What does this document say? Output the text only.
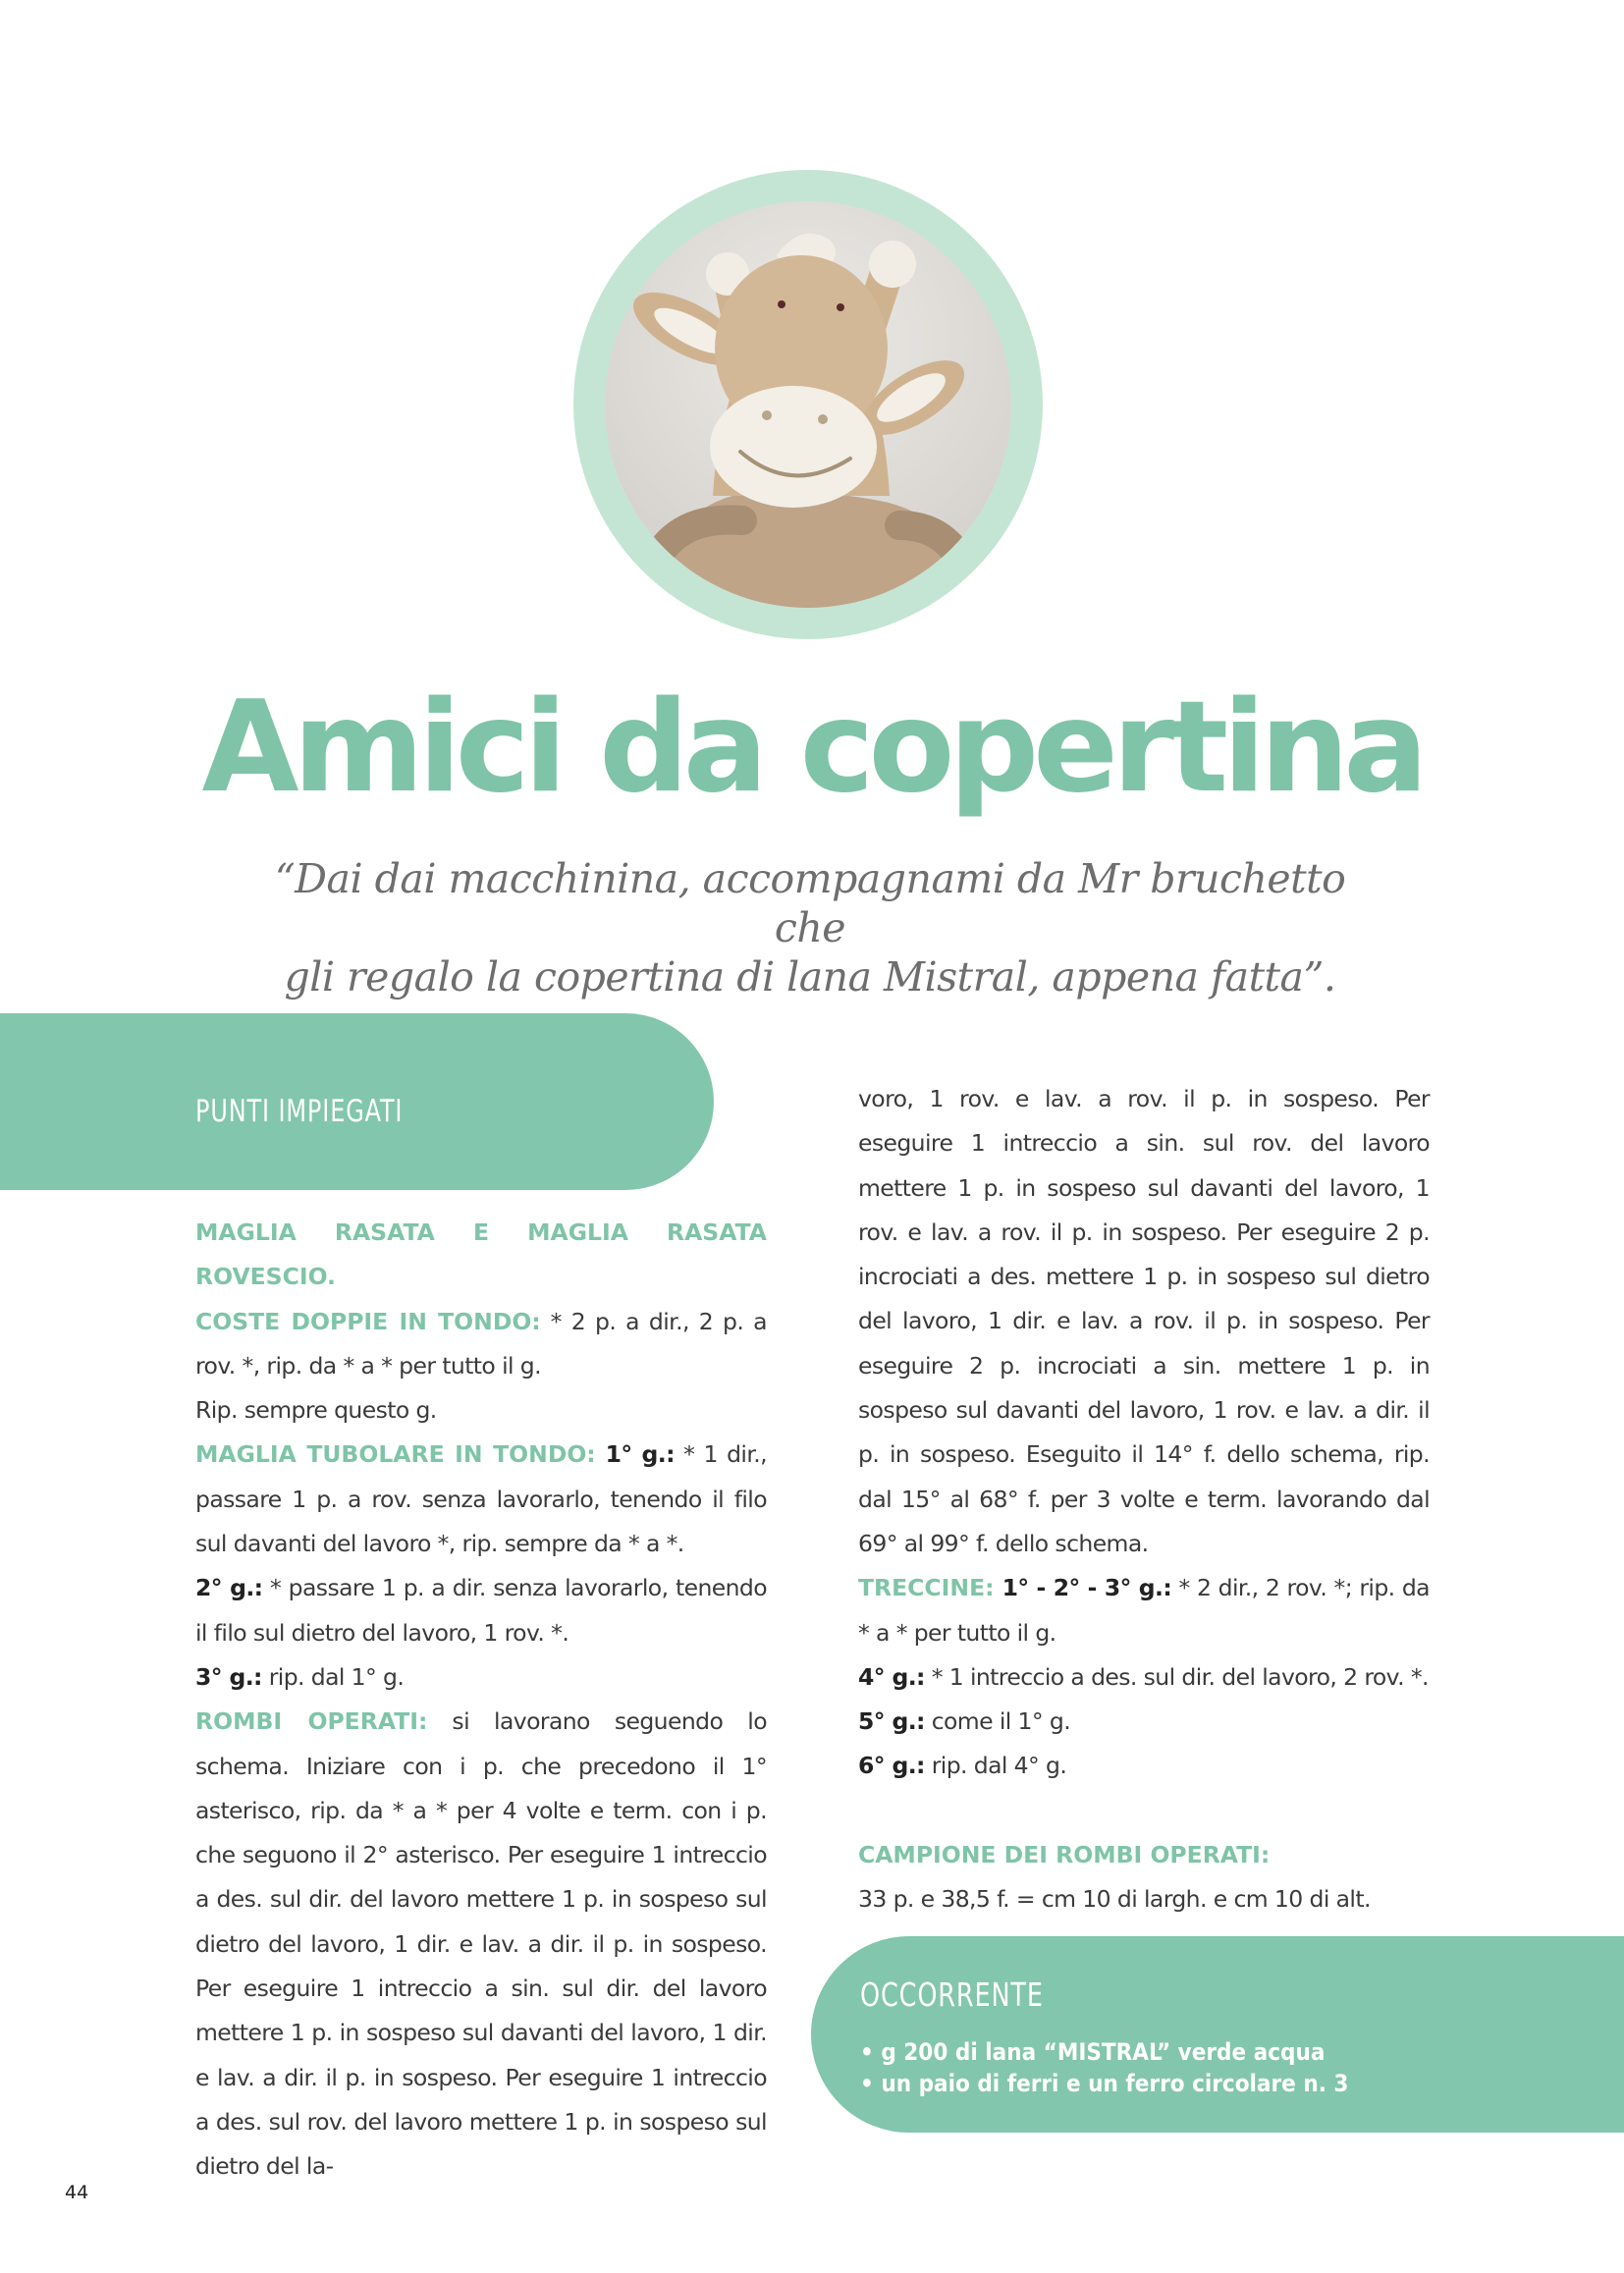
Amici da copertina

“Dai dai macchinina, accompagnami da Mr bruchetto che
gli regalo la copertina di lana Mistral, appena fatta”.

PUNTI IMPIEGATI

MAGLIA RASATA E MAGLIA RASATA ROVESCIO.

COSTE DOPPIE IN TONDO: * 2 p. a dir., 2 p. a rov. *, rip. da * a * per tutto il g.

Rip. sempre questo g.

MAGLIA TUBOLARE IN TONDO: 1° g.: * 1 dir., passare 1 p. a rov. senza lavorarlo, tenendo il filo sul davanti del lavoro *, rip. sempre da * a *.

2° g.: * passare 1 p. a dir. senza lavorarlo, tenendo il filo sul dietro del lavoro, 1 rov. *.

3° g.: rip. dal 1° g.

ROMBI OPERATI: si lavorano seguendo lo schema. Iniziare con i p. che precedono il 1° asterisco, rip. da * a * per 4 volte e term. con i p. che seguono il 2° asterisco. Per eseguire 1 intreccio a des. sul dir. del lavoro mettere 1 p. in sospeso sul dietro del lavoro, 1 dir. e lav. a dir. il p. in sospeso. Per eseguire 1 intreccio a sin. sul dir. del lavoro mettere 1 p. in sospeso sul davanti del lavoro, 1 dir. e lav. a dir. il p. in sospeso. Per eseguire 1 intreccio a des. sul rov. del lavoro mettere 1 p. in sospeso sul dietro del la-

voro, 1 rov. e lav. a rov. il p. in sospeso. Per eseguire 1 intreccio a sin. sul rov. del lavoro mettere 1 p. in sospeso sul davanti del lavoro, 1 rov. e lav. a rov. il p. in sospeso. Per eseguire 2 p. incrociati a des. mettere 1 p. in sospeso sul dietro del lavoro, 1 dir. e lav. a rov. il p. in sospeso. Per eseguire 2 p. incrociati a sin. mettere 1 p. in sospeso sul davanti del lavoro, 1 rov. e lav. a dir. il p. in sospeso. Eseguito il 14° f. dello schema, rip. dal 15° al 68° f. per 3 volte e term. lavorando dal 69° al 99° f. dello schema.

TRECCINE: 1° - 2° - 3° g.: * 2 dir., 2 rov. *; rip. da * a * per tutto il g.

4° g.: * 1 intreccio a des. sul dir. del lavoro, 2 rov. *.

5° g.: come il 1° g.

6° g.: rip. dal 4° g.

CAMPIONE DEI ROMBI OPERATI:

33 p. e 38,5 f. = cm 10 di largh. e cm 10 di alt.

OCCORRENTE
• g 200 di lana “MISTRAL” verde acqua
• un paio di ferri e un ferro circolare n. 3
44
